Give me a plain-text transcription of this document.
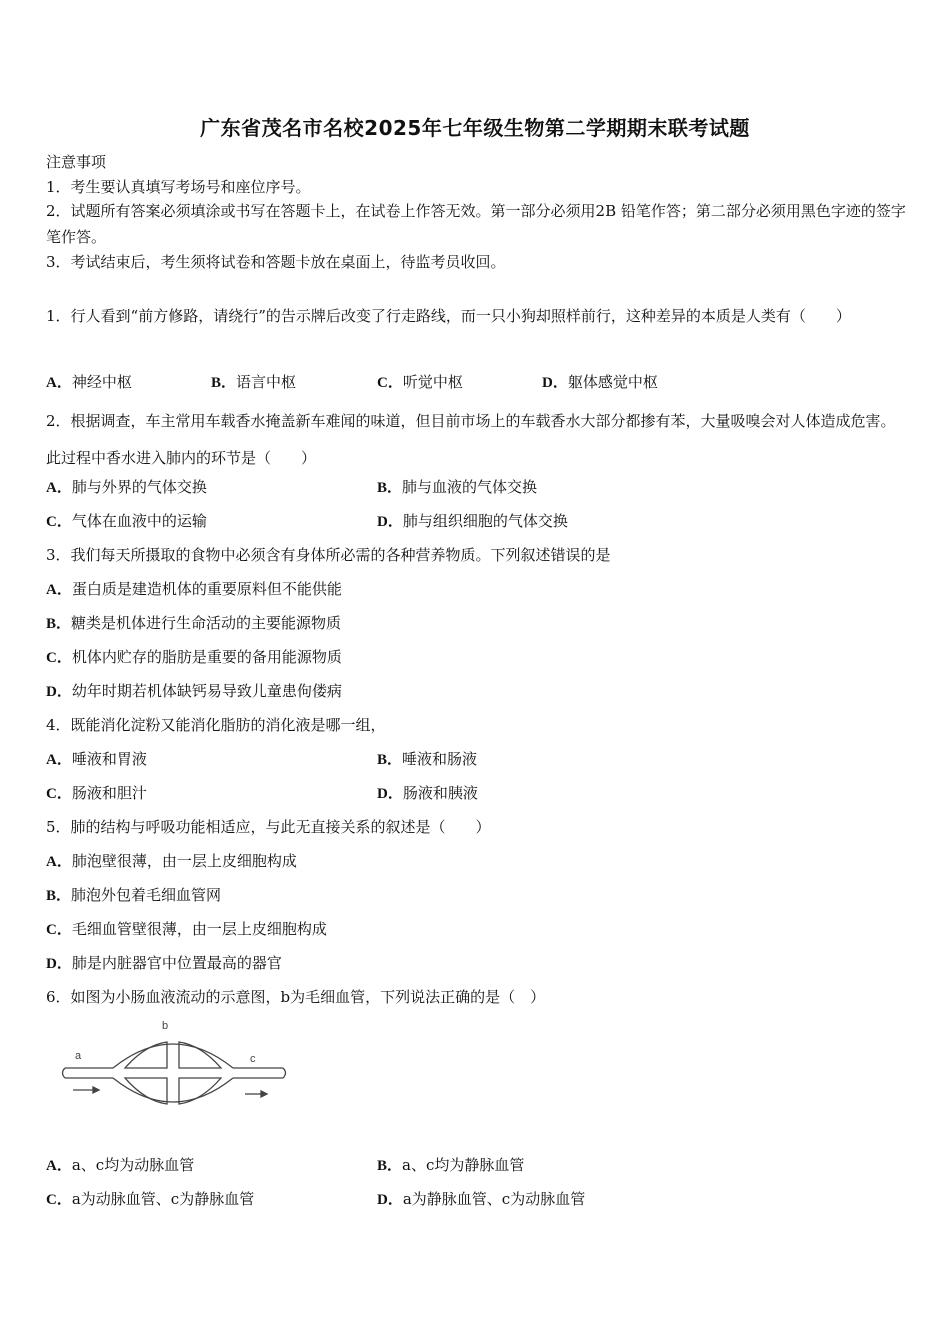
广东省茂名市名校2025年七年级生物第二学期期末联考试题
注意事项
1．考生要认真填写考场号和座位序号。
2．试题所有答案必须填涂或书写在答题卡上，在试卷上作答无效。第一部分必须用2B 铅笔作答；第二部分必须用黑色字迹的签字笔作答。
3．考试结束后，考生须将试卷和答题卡放在桌面上，待监考员收回。
1．行人看到“前方修路，请绕行”的告示牌后改变了行走路线，而一只小狗却照样前行，这种差异的本质是人类有（　　）
A．神经中枢	B．语言中枢	C．听觉中枢	D．躯体感觉中枢
2．根据调查，车主常用车载香水掩盖新车难闻的味道，但目前市场上的车载香水大部分都掺有苯，大量吸嗅会对人体造成危害。此过程中香水进入肺内的环节是（　　）
A．肺与外界的气体交换	B．肺与血液的气体交换
C．气体在血液中的运输	D．肺与组织细胞的气体交换
3．我们每天所摄取的食物中必须含有身体所必需的各种营养物质。下列叙述错误的是
A．蛋白质是建造机体的重要原料但不能供能
B．糖类是机体进行生命活动的主要能源物质
C．机体内贮存的脂肪是重要的备用能源物质
D．幼年时期若机体缺钙易导致儿童患佝偻病
4．既能消化淀粉又能消化脂肪的消化液是哪一组，
A．唾液和胃液	B．唾液和肠液
C．肠液和胆汁	D．肠液和胰液
5．肺的结构与呼吸功能相适应，与此无直接关系的叙述是（　　）
A．肺泡壁很薄，由一层上皮细胞构成
B．肺泡外包着毛细血管网
C．毛细血管壁很薄，由一层上皮细胞构成
D．肺是内脏器官中位置最高的器官
6．如图为小肠血液流动的示意图，b为毛细血管，下列说法正确的是（　）
a
b
c
A．a、c均为动脉血管	B．a、c均为静脉血管
C．a为动脉血管、c为静脉血管	D．a为静脉血管、c为动脉血管
